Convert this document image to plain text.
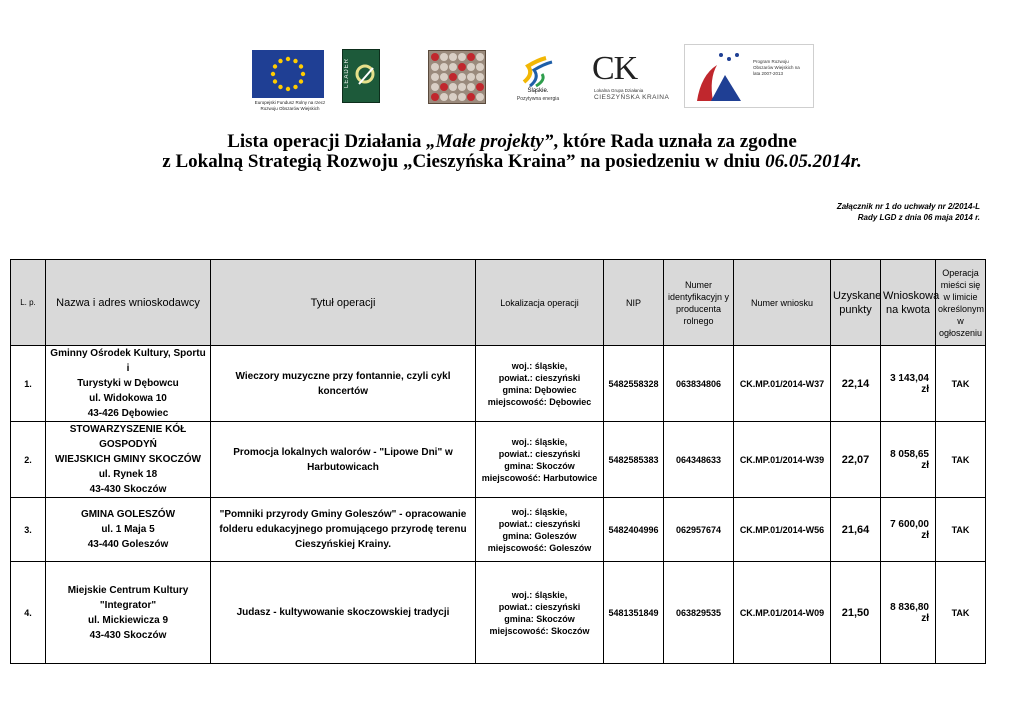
Europejski Fundusz Rolny na rzecz
Rozwoju Obszarów Wiejskich
LEADER
Śląskie.
Pozytywna energia
CK
Lokalna Grupa Działania
CIESZYŃSKA KRAINA
Program Rozwoju Obszarów Wiejskich na lata 2007-2013
Lista operacji Działania „Małe projekty”, które Rada uznała za zgodne
z Lokalną Strategią Rozwoju „Cieszyńska Kraina” na posiedzeniu w dniu 06.05.2014r.
Załącznik nr 1 do uchwały nr 2/2014-L
Rady LGD z dnia 06 maja 2014 r.
L. p.	Nazwa i adres wnioskodawcy	Tytuł operacji	Lokalizacja operacji	NIP	Numer identyfikacyjn y producenta rolnego	Numer wniosku	Uzyskane punkty	Wnioskowa na kwota	Operacja mieści się w limicie określonym w ogłoszeniu
1.	Gminny Ośrodek Kultury, Sportu i
Turystyki w Dębowcu
ul. Widokowa 10
43-426 Dębowiec	Wieczory muzyczne przy fontannie, czyli cykl
koncertów	woj.: śląskie,
powiat.: cieszyński
gmina: Dębowiec
miejscowość: Dębowiec	5482558328	063834806	CK.MP.01/2014-W37	22,14	3 143,04 zł	TAK
2.	STOWARZYSZENIE KÓŁ GOSPODYŃ
WIEJSKICH GMINY SKOCZÓW
ul. Rynek 18
43-430 Skoczów	Promocja lokalnych walorów - "Lipowe Dni" w
Harbutowicach	woj.: śląskie,
powiat.: cieszyński
gmina: Skoczów
miejscowość: Harbutowice	5482585383	064348633	CK.MP.01/2014-W39	22,07	8 058,65 zł	TAK
3.	GMINA GOLESZÓW
ul. 1 Maja 5
43-440 Goleszów	"Pomniki przyrody Gminy Goleszów" - opracowanie
folderu edukacyjnego promującego przyrodę terenu
Cieszyńskiej Krainy.	woj.: śląskie,
powiat.: cieszyński
gmina: Goleszów
miejscowość: Goleszów	5482404996	062957674	CK.MP.01/2014-W56	21,64	7 600,00 zł	TAK
4.	Miejskie Centrum Kultury
"Integrator"
ul. Mickiewicza 9
43-430 Skoczów	Judasz - kultywowanie skoczowskiej tradycji	woj.: śląskie,
powiat.: cieszyński
gmina: Skoczów
miejscowość: Skoczów	5481351849	063829535	CK.MP.01/2014-W09	21,50	8 836,80 zł	TAK
